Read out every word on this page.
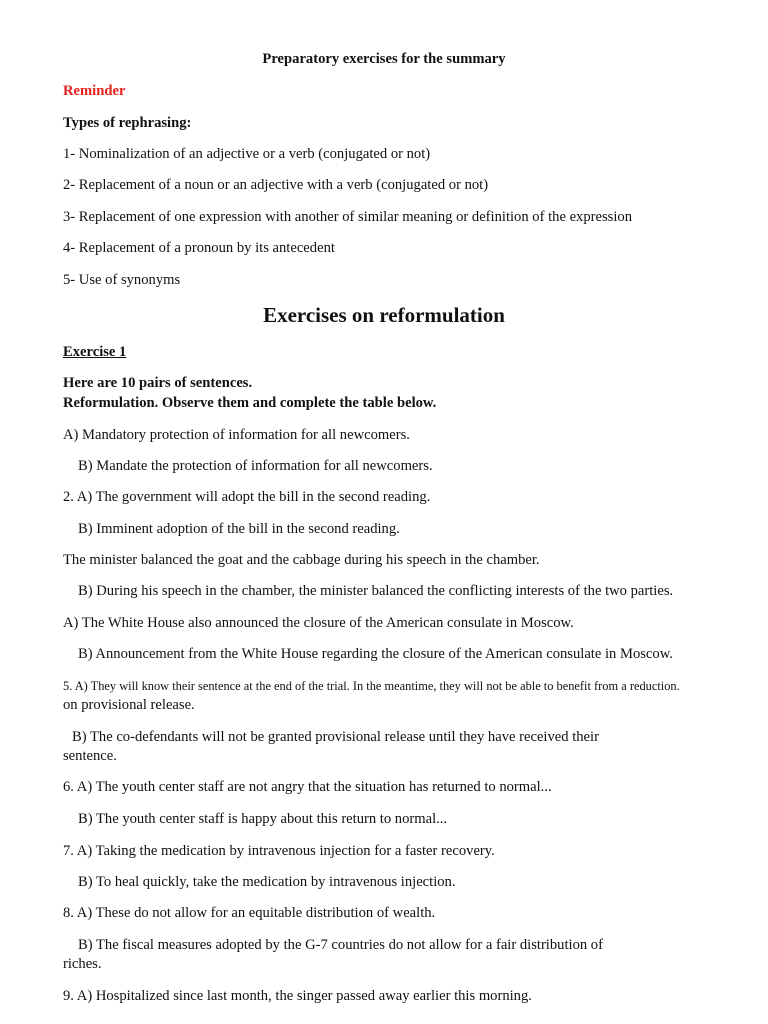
Preparatory exercises for the summary
Reminder
Types of rephrasing:
1- Nominalization of an adjective or a verb (conjugated or not)
2- Replacement of a noun or an adjective with a verb (conjugated or not)
3- Replacement of one expression with another of similar meaning or definition of the expression
4- Replacement of a pronoun by its antecedent
5- Use of synonyms
Exercises on reformulation
Exercise 1
Here are 10 pairs of sentences.
Reformulation. Observe them and complete the table below.
A) Mandatory protection of information for all newcomers.
B) Mandate the protection of information for all newcomers.
2. A) The government will adopt the bill in the second reading.
B) Imminent adoption of the bill in the second reading.
The minister balanced the goat and the cabbage during his speech in the chamber.
B) During his speech in the chamber, the minister balanced the conflicting interests of the two parties.
A) The White House also announced the closure of the American consulate in Moscow.
B) Announcement from the White House regarding the closure of the American consulate in Moscow.
5. A) They will know their sentence at the end of the trial. In the meantime, they will not be able to benefit from a reduction.
on provisional release.
B) The co-defendants will not be granted provisional release until they have received their
sentence.
6. A) The youth center staff are not angry that the situation has returned to normal...
B) The youth center staff is happy about this return to normal...
7. A) Taking the medication by intravenous injection for a faster recovery.
B) To heal quickly, take the medication by intravenous injection.
8. A) These do not allow for an equitable distribution of wealth.
B) The fiscal measures adopted by the G-7 countries do not allow for a fair distribution of
riches.
9. A) Hospitalized since last month, the singer passed away earlier this morning.
